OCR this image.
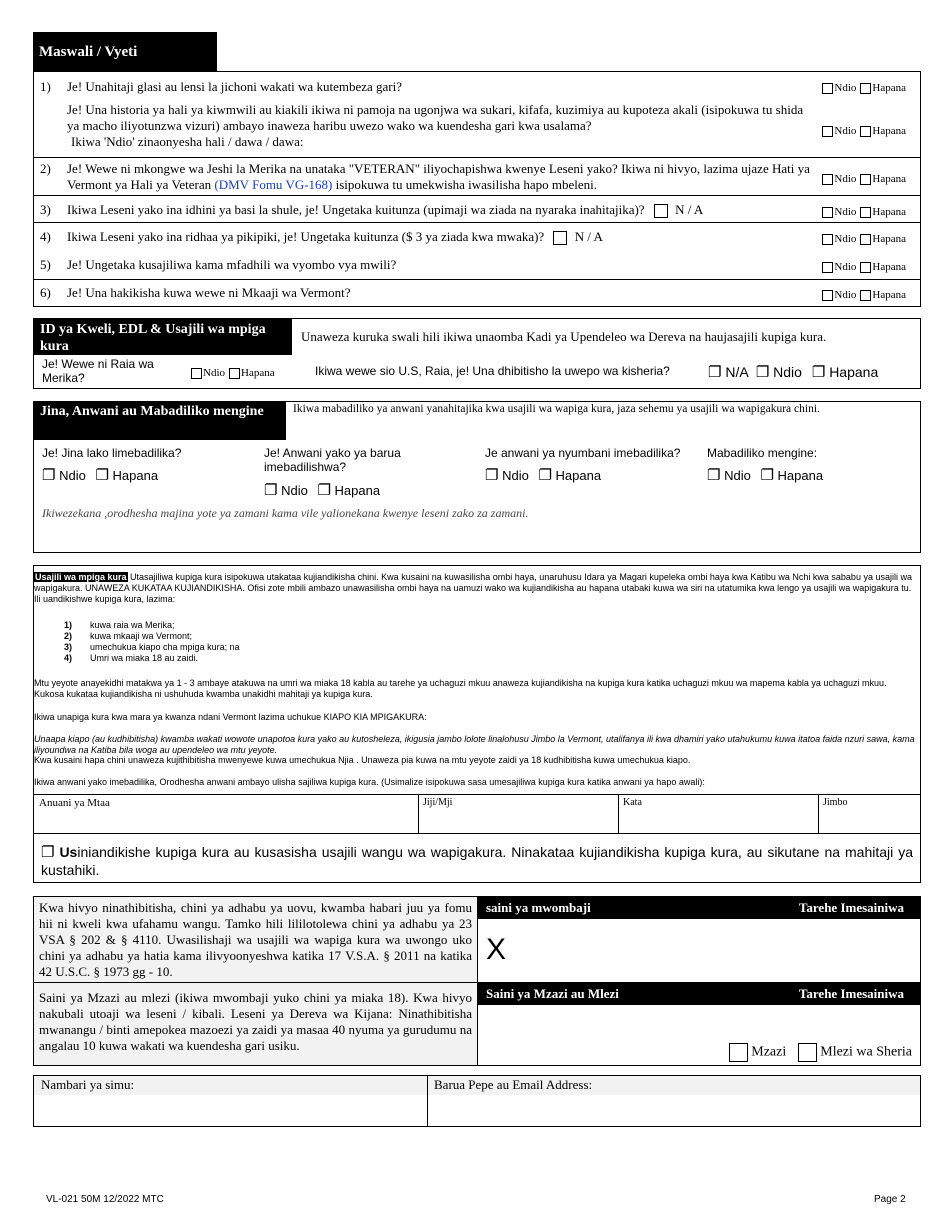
Maswali / Vyeti
1) Je! Unahitaji glasi au lensi la jichoni wakati wa kutembeza gari?	Ndio Hapana
Je! Una historia ya hali ya kiwmwili au kiakili ikiwa ni pamoja na ugonjwa wa sukari, kifafa, kuzimiya au kupoteza akali (isipokuwa tu shida ya macho iliyotunzwa vizuri) ambayo inaweza haribu uwezo wako wa kuendesha gari kwa usalama?
Ikiwa 'Ndio' zinaonyesha hali / dawa / dawa:
Ndio Hapana
2) Je! Wewe ni mkongwe wa Jeshi la Merika na unataka "VETERAN" iliyochapishwa kwenye Leseni yako? Ikiwa ni hivyo, lazima ujaze Hati ya Vermont ya Hali ya Veteran (DMV Fomu VG-168) isipokuwa tu umekwisha iwasilisha hapo mbeleni.	Ndio Hapana
3) Ikiwa Leseni yako ina idhini ya basi la shule, je! Ungetaka kuitunza (upimaji wa ziada na nyaraka inahitajika)? N / A	Ndio Hapana
4) Ikiwa Leseni yako ina ridhaa ya pikipiki, je! Ungetaka kuitunza ($ 3 ya ziada kwa mwaka)? N / A	Ndio Hapana
5) Je! Ungetaka kusajiliwa kama mfadhili wa vyombo vya mwili?	Ndio Hapana
6) Je! Una hakikisha kuwa wewe ni Mkaaji wa Vermont?	Ndio Hapana
ID ya Kweli, EDL & Usajili wa mpiga kura
Unaweza kuruka swali hili ikiwa unaomba Kadi ya Upendeleo wa Dereva na haujasajili kupiga kura.
Je! Wewe ni Raia wa Merika?	Ndio Hapana	Ikiwa wewe sio U.S, Raia, je! Una dhibitisho la uwepo wa kisheria?	❐ N/A ❐ Ndio ❐ Hapana
Jina, Anwani au Mabadiliko mengine	Ikiwa mabadiliko ya anwani yanahitajika kwa usajili wa wapiga kura, jaza sehemu ya usajili wa wapigakura chini.
Je! Jina lako limebadilika?
❐ Ndio ❐ Hapana
Je! Anwani yako ya barua imebadilishwa?
❐ Ndio ❐ Hapana
Je anwani ya nyumbani imebadilika?
❐ Ndio ❐ Hapana
Mabadiliko mengine:
❐ Ndio ❐ Hapana
Ikiwezekana ,orodhesha majina yote ya zamani kama vile yalionekana kwenye leseni zako za zamani.
Usajili wa mpiga kura Utasajiliwa kupiga kura isipokuwa utakataa kujiandikisha chini. Kwa kusaini na kuwasilisha ombi haya, unaruhusu Idara ya Magari kupeleka ombi haya kwa Katibu wa Nchi kwa sababu ya usajili wa wapigakura. UNAWEZA KUKATAA KUJIANDIKISHA. Ofisi zote mbili ambazo unawasilisha ombi haya na uamuzi wako wa kujiandikisha au hapana utabaki kuwa wa siri na utatumika kwa lengo ya usajili wa wapigakura tu. Ili uandikishwe kupiga kura, lazima:
1) kuwa raia wa Merika;
2) kuwa mkaaji wa Vermont;
3) umechukua kiapo cha mpiga kura; na
4) Umri wa miaka 18 au zaidi.
Mtu yeyote anayekidhi matakwa ya 1 - 3 ambaye atakuwa na umri wa miaka 18 kabla au tarehe ya uchaguzi mkuu anaweza kujiandikisha na kupiga kura katika uchaguzi mkuu wa mapema kabla ya uchaguzi mkuu. Kukosa kukataa kujiandikisha ni ushuhuda kwamba unakidhi mahitaji ya kupiga kura.
Ikiwa unapiga kura kwa mara ya kwanza ndani Vermont lazima uchukue KIAPO KIA MPIGAKURA:
Unaapa kiapo (au kudhibitisha) kwamba wakati wowote unapotoa kura yako au kutosheleza, ikigusia jambo lolote linalohusu Jimbo la Vermont, utalifanya ili kwa dhamiri yako utahukumu kuwa itatoa faida nzuri sawa, kama iliyoundwa na Katiba bila woga au upendeleo wa mtu yeyote.
Kwa kusaini hapa chini unaweza kujithibitisha mwenyewe kuwa umechukua Njia . Unaweza pia kuwa na mtu yeyote zaidi ya 18 kudhibitisha kuwa umechukua kiapo.
Ikiwa anwani yako imebadilika, Orodhesha anwani ambayo ulisha sajiliwa kupiga kura. (Usimalize isipokuwa sasa umesajiliwa kupiga kura katika anwani ya hapo awali):
Anuani ya Mtaa	Jiji/Mji	Kata	Jimbo
❐ Usiniandikishe kupiga kura au kusasisha usajili wangu wa wapigakura. Ninakataa kujiandikisha kupiga kura, au sikutane na mahitaji ya kustahiki.
Kwa hivyo ninathibitisha, chini ya adhabu ya uovu, kwamba habari juu ya fomu hii ni kweli kwa ufahamu wangu. Tamko hili lililotolewa chini ya adhabu ya 23 VSA § 202 & § 4110. Uwasilishaji wa usajili wa wapiga kura wa uwongo uko chini ya adhabu ya hatia kama ilivyoonyeshwa katika 17 V.S.A. § 2011 na katika 42 U.S.C. § 1973 gg - 10.
Saini ya Mzazi au mlezi (ikiwa mwombaji yuko chini ya miaka 18). Kwa hivyo nakubali utoaji wa leseni / kibali. Leseni ya Dereva wa Kijana: Ninathibitisha mwanangu / binti amepokea mazoezi ya zaidi ya masaa 40 nyuma ya gurudumu na angalau 10 kuwa wakati wa kuendesha gari usiku.
saini ya mwombaji	Tarehe Imesainiwa
X
Saini ya Mzazi au Mlezi	Tarehe Imesainiwa
Mzazi Mlezi wa Sheria
Nambari ya simu:	Barua Pepe au Email Address:
VL-021 50M 12/2022 MTC	Page 2
